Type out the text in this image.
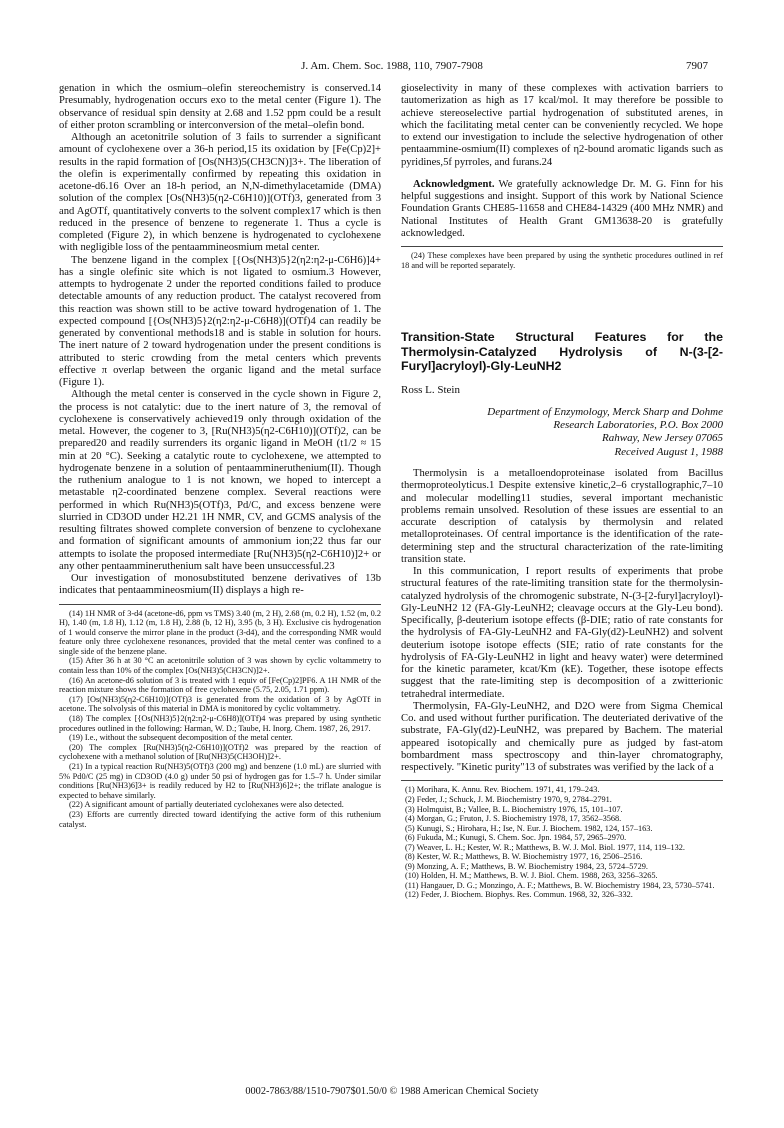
J. Am. Chem. Soc. 1988, 110, 7907-7908	7907

genation in which the osmium–olefin stereochemistry is conserved.14 Presumably, hydrogenation occurs exo to the metal center (Figure 1). The observance of residual spin density at 2.68 and 1.52 ppm could be a result of either proton scrambling or interconversion of the metal–olefin bond.

Although an acetonitrile solution of 3 fails to surrender a significant amount of cyclohexene over a 36-h period,15 its oxidation by [Fe(Cp)2]+ results in the rapid formation of [Os(NH3)5(CH3CN)]3+. The liberation of the olefin is experimentally confirmed by repeating this oxidation in acetone-d6.16 Over an 18-h period, an N,N-dimethylacetamide (DMA) solution of the complex [Os(NH3)5(η2-C6H10)](OTf)3, generated from 3 and AgOTf, quantitatively converts to the solvent complex17 which is then reduced in the presence of benzene to regenerate 1. Thus a cycle is completed (Figure 2), in which benzene is hydrogenated to cyclohexene with negligible loss of the pentaammineosmium metal center.

The benzene ligand in the complex [{Os(NH3)5}2(η2:η2-μ-C6H6)]4+ has a single olefinic site which is not ligated to osmium.3 However, attempts to hydrogenate 2 under the reported conditions failed to produce detectable amounts of any reduction product. The catalyst recovered from this reaction was shown still to be active toward hydrogenation of 1. The expected compound [{Os(NH3)5}2(η2:η2-μ-C6H8)](OTf)4 can readily be generated by conventional methods18 and is stable in solution for hours. The inert nature of 2 toward hydrogenation under the present conditions is attributed to steric crowding from the metal centers which prevents effective π overlap between the organic ligand and the metal surface (Figure 1).

Although the metal center is conserved in the cycle shown in Figure 2, the process is not catalytic: due to the inert nature of 3, the removal of cyclohexene is conservatively achieved19 only through oxidation of the metal. However, the cogener to 3, [Ru(NH3)5(η2-C6H10)](OTf)2, can be prepared20 and readily surrenders its organic ligand in MeOH (t1/2 ≈ 15 min at 20 °C). Seeking a catalytic route to cyclohexene, we attempted to hydrogenate benzene in a solution of pentaammineruthenium(II). Though the ruthenium analogue to 1 is not known, we hoped to intercept a metastable η2-coordinated benzene complex. Several reactions were performed in which Ru(NH3)5(OTf)3, Pd/C, and excess benzene were slurried in CD3OD under H2.21 1H NMR, CV, and GCMS analysis of the resulting filtrates showed complete conversion of benzene to cyclohexane and formation of significant amounts of ammonium ion;22 thus far our attempts to isolate the proposed intermediate [Ru(NH3)5(η2-C6H10)]2+ or any other pentaammineruthenium salt have been unsuccessful.23

Our investigation of monosubstituted benzene derivatives of 13b indicates that pentaammineosmium(II) displays a high re-

(14) 1H NMR of 3-d4 (acetone-d6, ppm vs TMS) 3.40 (m, 2 H), 2.68 (m, 0.2 H), 1.52 (m, 0.2 H), 1.40 (m, 1.8 H), 1.12 (m, 1.8 H), 2.88 (b, 12 H), 3.95 (b, 3 H). Exclusive cis hydrogenation of 1 would conserve the mirror plane in the product (3-d4), and the corresponding NMR would feature only three cyclohexene resonances, provided that the metal center was confined to a single side of the benzene plane.

(15) After 36 h at 30 °C an acetonitrile solution of 3 was shown by cyclic voltammetry to contain less than 10% of the complex [Os(NH3)5(CH3CN)]2+.

(16) An acetone-d6 solution of 3 is treated with 1 equiv of [Fe(Cp)2]PF6. A 1H NMR of the reaction mixture shows the formation of free cyclohexene (5.75, 2.05, 1.71 ppm).

(17) [Os(NH3)5(η2-C6H10)](OTf)3 is generated from the oxidation of 3 by AgOTf in acetone. The solvolysis of this material in DMA is monitored by cyclic voltammetry.

(18) The complex [{Os(NH3)5}2(η2:η2-μ-C6H8)](OTf)4 was prepared by using synthetic procedures outlined in the following: Harman, W. D.; Taube, H. Inorg. Chem. 1987, 26, 2917.

(19) I.e., without the subsequent decomposition of the metal center.

(20) The complex [Ru(NH3)5(η2-C6H10)](OTf)2 was prepared by the reaction of cyclohexene with a methanol solution of [Ru(NH3)5(CH3OH)]2+.

(21) In a typical reaction Ru(NH3)5(OTf)3 (200 mg) and benzene (1.0 mL) are slurried with 5% Pd0/C (25 mg) in CD3OD (4.0 g) under 50 psi of hydrogen gas for 1.5–7 h. Under similar conditions [Ru(NH3)6]3+ is readily reduced by H2 to [Ru(NH3)6]2+; the triflate analogue is expected to behave similarly.

(22) A significant amount of partially deuteriated cyclohexanes were also detected.

(23) Efforts are currently directed toward identifying the active form of this ruthenium catalyst.

gioselectivity in many of these complexes with activation barriers to tautomerization as high as 17 kcal/mol. It may therefore be possible to achieve stereoselective partial hydrogenation of substituted arenes, in which the facilitating metal center can be conveniently recycled. We hope to extend our investigation to include the selective hydrogenation of other pentaammine-osmium(II) complexes of η2-bound aromatic ligands such as pyridines,5f pyrroles, and furans.24

Acknowledgment. We gratefully acknowledge Dr. M. G. Finn for his helpful suggestions and insight. Support of this work by National Science Foundation Grants CHE85-11658 and CHE84-14329 (400 MHz NMR) and National Institutes of Health Grant GM13638-20 is gratefully acknowledged.

(24) These complexes have been prepared by using the synthetic procedures outlined in ref 18 and will be reported separately.

Transition-State Structural Features for the Thermolysin-Catalyzed Hydrolysis of N-(3-[2-Furyl]acryloyl)-Gly-LeuNH2
Ross L. Stein
Department of Enzymology, Merck Sharp and Dohme
Research Laboratories, P.O. Box 2000
Rahway, New Jersey 07065
Received August 1, 1988

Thermolysin is a metalloendoproteinase isolated from Bacillus thermoproteolyticus.1 Despite extensive kinetic,2–6 crystallographic,7–10 and molecular modelling11 studies, several important mechanistic problems remain unsolved. Resolution of these issues are essential to an accurate description of catalysis by thermolysin and related metalloproteinases. Of central importance is the identification of the rate-determining step and the structural characterization of the rate-limiting transition state.

In this communication, I report results of experiments that probe structural features of the rate-limiting transition state for the thermolysin-catalyzed hydrolysis of the chromogenic substrate, N-(3-[2-furyl]acryloyl)-Gly-LeuNH2 12 (FA-Gly-LeuNH2; cleavage occurs at the Gly-Leu bond). Specifically, β-deuterium isotope effects (β-DIE; ratio of rate constants for the hydrolysis of FA-Gly-LeuNH2 and FA-Gly(d2)-LeuNH2) and solvent deuterium isotope isotope effects (SIE; ratio of rate constants for the hydrolysis of FA-Gly-LeuNH2 in light and heavy water) were determined for the kinetic parameter, kcat/Km (kE). Together, these isotope effects suggest that the rate-limiting step is decomposition of a zwitterionic tetrahedral intermediate.

Thermolysin, FA-Gly-LeuNH2, and D2O were from Sigma Chemical Co. and used without further purification. The deuteriated derivative of the substrate, FA-Gly(d2)-LeuNH2, was prepared by Bachem. The material appeared isotopically and chemically pure as judged by fast-atom bombardment mass spectroscopy and thin-layer chromatography, respectively. "Kinetic purity"13 of substrates was verified by the lack of a

(1) Morihara, K. Annu. Rev. Biochem. 1971, 41, 179–243.
(2) Feder, J.; Schuck, J. M. Biochemistry 1970, 9, 2784–2791.
(3) Holmquist, B.; Vallee, B. L. Biochemistry 1976, 15, 101–107.
(4) Morgan, G.; Fruton, J. S. Biochemistry 1978, 17, 3562–3568.
(5) Kunugi, S.; Hirohara, H.; Ise, N. Eur. J. Biochem. 1982, 124, 157–163.
(6) Fukuda, M.; Kunugi, S. Chem. Soc. Jpn. 1984, 57, 2965–2970.
(7) Weaver, L. H.; Kester, W. R.; Matthews, B. W. J. Mol. Biol. 1977, 114, 119–132.
(8) Kester, W. R.; Matthews, B. W. Biochemistry 1977, 16, 2506–2516.
(9) Monzing, A. F.; Matthews, B. W. Biochemistry 1984, 23, 5724–5729.
(10) Holden, H. M.; Matthews, B. W. J. Biol. Chem. 1988, 263, 3256–3265.
(11) Hangauer, D. G.; Monzingo, A. F.; Matthews, B. W. Biochemistry 1984, 23, 5730–5741.
(12) Feder, J. Biochem. Biophys. Res. Commun. 1968, 32, 326–332.
0002-7863/88/1510-7907$01.50/0 © 1988 American Chemical Society
